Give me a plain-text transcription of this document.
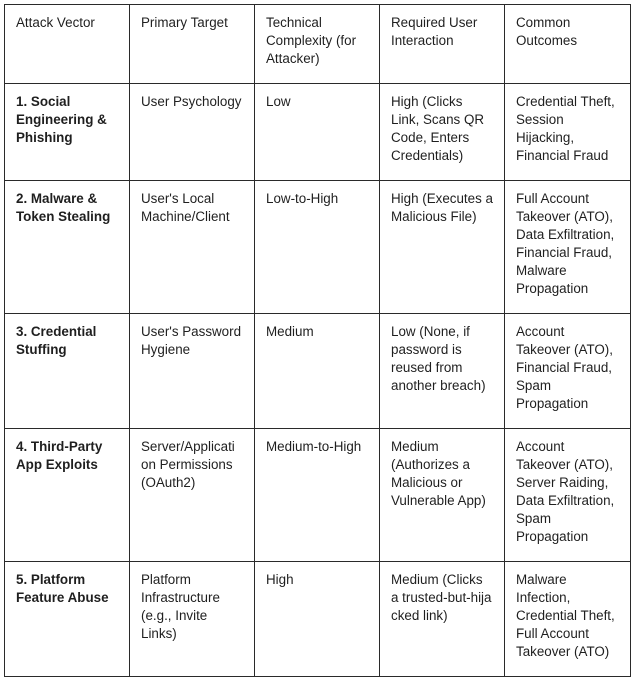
Attack Vector	Primary Target	Technical Complexity (for Attacker)	Required User Interaction	Common Outcomes
1. Social Engineering & Phishing	User Psychology	Low	High (Clicks Link, Scans QR Code, Enters Credentials)	Credential Theft, Session Hijacking, Financial Fraud
2. Malware & Token Stealing	User's Local Machine/Client	Low-to-High	High (Executes a Malicious File)	Full Account Takeover (ATO), Data Exfiltration, Financial Fraud, Malware Propagation
3. Credential Stuffing	User's Password Hygiene	Medium	Low (None, if password is reused from another breach)	Account Takeover (ATO), Financial Fraud, Spam Propagation
4. Third-Party App Exploits	Server/Applicati on Permissions (OAuth2)	Medium-to-High	Medium (Authorizes a Malicious or Vulnerable App)	Account Takeover (ATO), Server Raiding, Data Exfiltration, Spam Propagation
5. Platform Feature Abuse	Platform Infrastructure (e.g., Invite Links)	High	Medium (Clicks a trusted-but-hija cked link)	Malware Infection, Credential Theft, Full Account Takeover (ATO)
